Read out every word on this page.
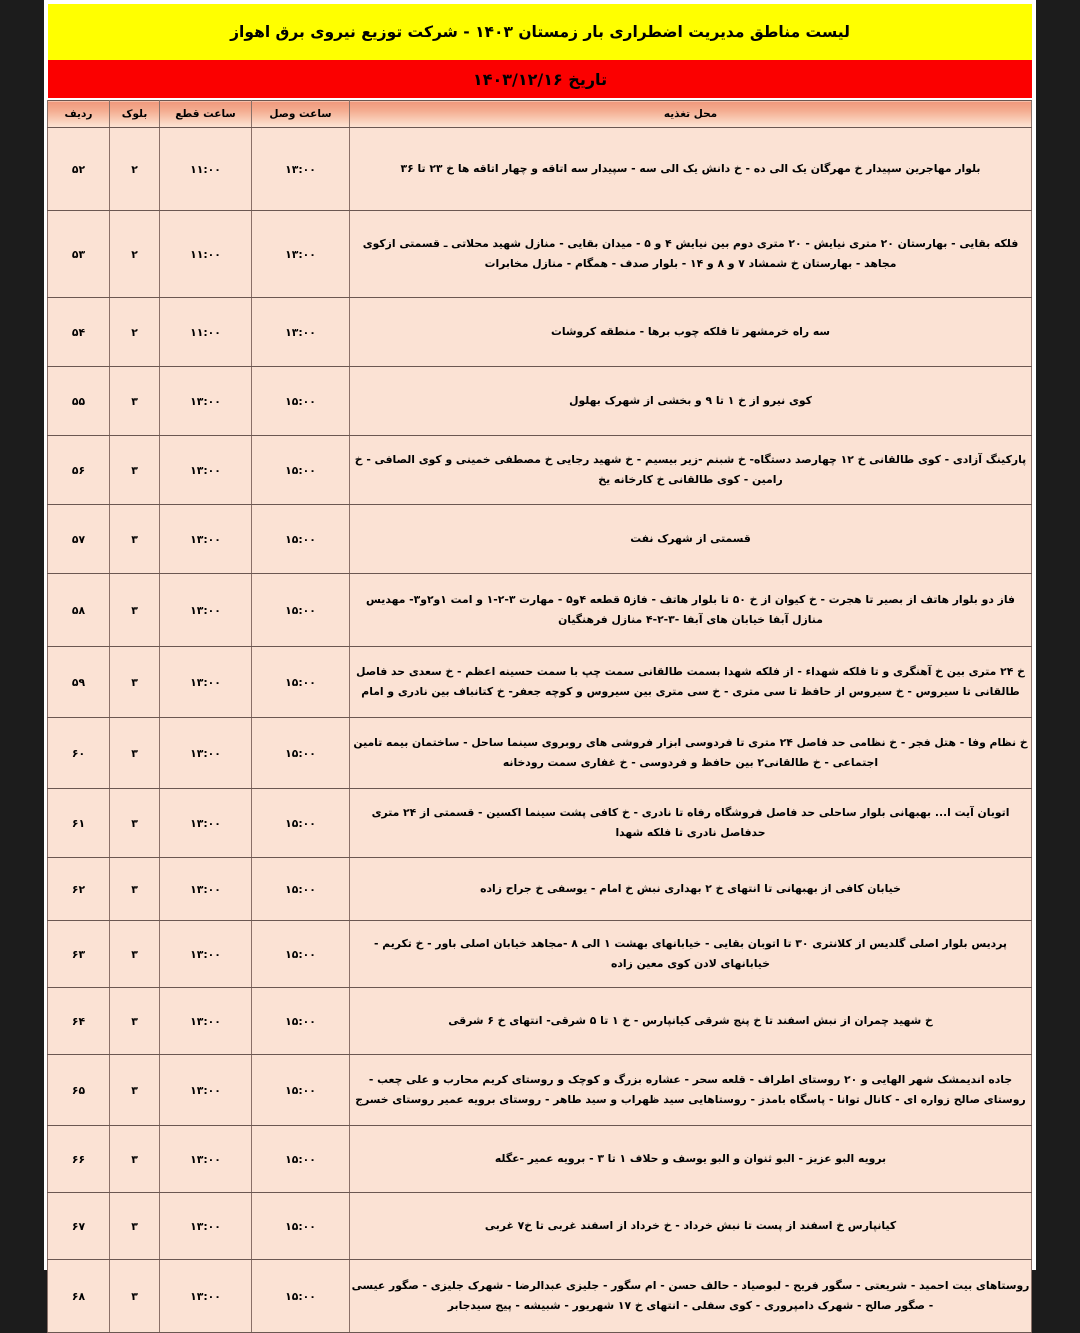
لیست مناطق مدیریت اضطراری بار زمستان ۱۴۰۳ - شرکت توزیع نیروی برق اهواز
تاریخ ۱۴۰۳/۱۲/۱۶
محل تغذیه	ساعت وصل	ساعت قطع	بلوک	ردیف
بلوار مهاجرین سپیدار خ مهرگان یک الی ده - خ دانش یک الی سه - سپیدار سه اتاقه و چهار اتاقه ها خ ۲۳ تا ۳۶	۱۳:۰۰	۱۱:۰۰	۲	۵۲
فلکه بقایی - بهارستان ۲۰ متری نیایش - ۲۰ متری دوم بین نیایش ۴ و ۵ - میدان بقایی - منازل شهید محلاتی ـ قسمتی ازکوی مجاهد - بهارستان خ شمشاد ۷ و ۸ و ۱۴ - بلوار صدف - همگام - منازل مخابرات	۱۳:۰۰	۱۱:۰۰	۲	۵۳
سه راه خرمشهر تا فلکه چوب برها - منطقه کروشات	۱۳:۰۰	۱۱:۰۰	۲	۵۴
کوی نیرو از خ ۱ تا ۹ و بخشی از شهرک بهلول	۱۵:۰۰	۱۳:۰۰	۳	۵۵
پارکینگ آزادی - کوی طالقانی خ ۱۲ چهارصد دستگاه- خ شبنم -زیر بیسیم - خ شهید رجایی خ مصطفی خمینی و کوی الصافی - خ رامین - کوی طالقانی خ کارخانه یخ	۱۵:۰۰	۱۳:۰۰	۳	۵۶
قسمتی از شهرک نفت	۱۵:۰۰	۱۳:۰۰	۳	۵۷
فاز دو بلوار هاتف از بصیر تا هجرت - خ کیوان از خ ۵۰ تا بلوار هاتف - فاز۵ قطعه ۴و۵ - مهارت ۳-۲-۱ و امت ۱و۲و۳- مهدیس منازل آبفا خیابان های آبفا -۳-۲-۴ منازل فرهنگیان	۱۵:۰۰	۱۳:۰۰	۳	۵۸
خ ۲۴ متری بین خ آهنگری و تا فلکه شهداء - از فلکه شهدا بسمت طالقانی سمت چپ با سمت حسینه اعظم - خ سعدی حد فاصل طالقانی تا سیروس - خ سیروس از حافظ تا سی متری - خ سی متری بین سیروس و کوچه جعفر- خ کتانباف بین نادری و امام	۱۵:۰۰	۱۳:۰۰	۳	۵۹
خ نظام وفا - هتل فجر - خ نظامی حد فاصل ۲۴ متری تا فردوسی ابزار فروشی های روبروی سینما ساحل - ساختمان بیمه تامین اجتماعی - خ طالقانی۲ بین حافظ و فردوسی - خ غفاری سمت رودخانه	۱۵:۰۰	۱۳:۰۰	۳	۶۰
اتوبان آیت ا... بهبهانی بلوار ساحلی حد فاصل فروشگاه رفاه تا نادری - خ کافی پشت سینما اکسین - قسمتی از ۲۴ متری حدفاصل نادری تا فلکه شهدا	۱۵:۰۰	۱۳:۰۰	۳	۶۱
خیابان کافی از بهبهانی تا انتهای خ ۲ بهداری نبش خ امام - یوسفی خ جراح زاده	۱۵:۰۰	۱۳:۰۰	۳	۶۲
پردیس بلوار اصلی گلدیس از کلانتری ۳۰ تا اتوبان بقایی - خیابانهای بهشت ۱ الی ۸ -مجاهد خیابان اصلی باور - خ تکریم - خیابانهای لادن کوی معین زاده	۱۵:۰۰	۱۳:۰۰	۳	۶۳
خ شهید چمران از نبش اسفند تا خ پنج شرقی کیانپارس - خ ۱ تا ۵ شرقی- انتهای خ ۶ شرقی	۱۵:۰۰	۱۳:۰۰	۳	۶۴
جاده اندیمشک شهر الهایی و ۲۰ روستای اطراف - قلعه سحر - عشاره بزرگ و کوچک و روستای کریم محارب و علی چعب - روستای صالح زواره ای - کانال توانا - پاسگاه بامدز - روستاهایی سید ظهراب و سید طاهر - روستای برویه عمیر روستای خسرج	۱۵:۰۰	۱۳:۰۰	۳	۶۵
برویه البو عزیز - البو ثنوان و البو یوسف و حلاف ۱ تا ۳ - برویه عمیر -عگله	۱۵:۰۰	۱۳:۰۰	۳	۶۶
کیانپارس خ اسفند از پست تا نبش خرداد - خ خرداد از اسفند غربی تا خ۷ غربی	۱۵:۰۰	۱۳:۰۰	۳	۶۷
روستاهای بیت احمید - شریعتی - سگور فریح - لبوصیاد - حالف حسن - ام سگور - جلیزی عبدالرضا - شهرک جلیزی - صگور عیسی - صگور صالح - شهرک دامپروری - کوی سفلی - انتهای خ ۱۷ شهریور - شبیشه - پیج سیدجابر	۱۵:۰۰	۱۳:۰۰	۳	۶۸
